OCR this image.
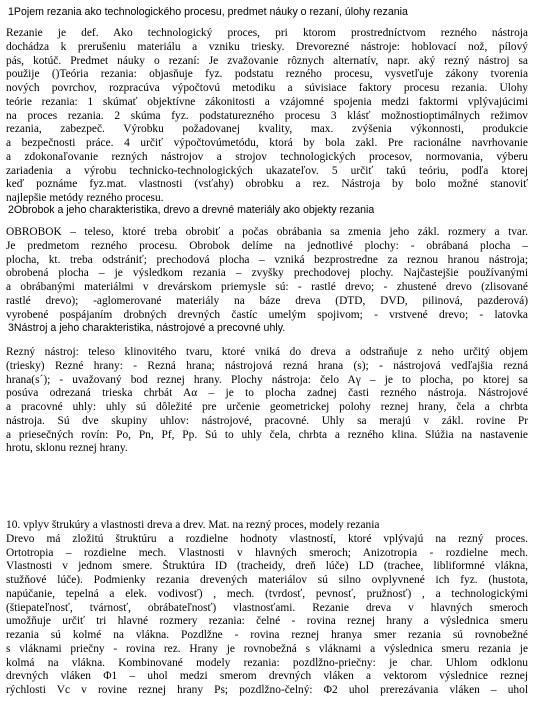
1Pojem rezania ako technologického procesu, predmet náuky o rezaní, úlohy rezania
Rezanie je def. Ako technologický proces, pri ktorom prostredníctvom rezného nástroja
dochádza k prerušeniu materiálu a vzniku triesky. Drevorezné nástroje: hoblovací nož, pílový
pás, kotúč. Predmet náuky o rezaní: Je zvažovanie rôznych alternatív, napr. aký rezný nástroj sa
použije ()Teória rezania: objasňuje fyz. podstatu rezného procesu, vysvetľuje zákony tvorenia
nových povrchov, rozpracúva výpočtovú metodiku a súvisiace faktory procesu rezania. Úlohy
teórie rezania: 1 skúmať objektívne zákonitosti a vzájomné spojenia medzi faktormi vplývajúcimi
na proces rezania. 2 skúma fyz. podstaturezného procesu 3 klásť možnostioptimálnych režimov
rezania, zabezpeč. Výrobku požadovanej kvality, max. zvýšenia výkonnosti, produkcie
a bezpečnosti práce. 4 určiť výpočtovúmetódu, ktorá by bola zakl. Pre racionálne navrhovanie
a zdokonaľovanie rezných nástrojov a strojov technologických procesov, normovania, výberu
zariadenia a výrobu technicko-technologických ukazateľov. 5 určiť takú teóriu, podľa ktorej
keď poznáme fyz.mat. vlastnosti (vsťahy) obrobku a rez. Nástroja by bolo možné stanoviť
najlepšie metódy rezného procesu.
2Obrobok a jeho charakteristika, drevo a drevné materiály ako objekty rezania
OBROBOK – teleso, ktoré treba obrobiť a počas obrábania sa zmenia jeho zákl. rozmery a tvar.
Je predmetom rezného procesu. Obrobok delíme na jednotlivé plochy: - obrábaná plocha –
plocha, kt. treba odstrániť; prechodová plocha – vzniká bezprostredne za reznou hranou nástroja;
obrobená plocha – je výsledkom rezania – zvyšky prechodovej plochy. Najčastejšie používanými
a obrábanými materiálmi v drevárskom priemysle sú: - rastlé drevo; - zhustené drevo (zlisované
rastlé drevo); -aglomerované materiály na báze dreva (DTD, DVD, pilinová, pazderová)
vyrobené pospájaním drobných drevných častíc umelým spojivom; - vrstvené drevo; - latovka
3Nástroj a jeho charakteristika, nástrojové a precovné uhly.
Rezný nástroj: teleso klinovitého tvaru, ktoré vniká do dreva a odstraňuje z neho určitý objem
(triesky) Rezné hrany: - Rezná hrana; nástrojová rezná hrana (s); - nástrojová vedľajšia rezná
hrana(s´); - uvažovaný bod reznej hrany. Plochy nástroja: čelo Aγ – je to plocha, po ktorej sa
posúva odrezaná trieska chrbát Aα – je to plocha zadnej časti rezného nástroja. Nástrojové
a pracovné uhly: uhly sú dôležité pre určenie geometrickej polohy reznej hrany, čela a chrbta
nástroja. Sú dve skupiny uhlov: nástrojové, pracovné. Uhly sa merajú v zákl. rovine Pr
a priesečných rovín: Po, Pn, Pf, Pp. Sú to uhly čela, chrbta a rezného klina. Slúžia na nastavenie
hrotu, sklonu reznej hrany.
10. vplyv štrukúry a vlastnosti dreva a drev. Mat. na rezný proces, modely rezania
Drevo má zložitú štruktúru a rozdielne hodnoty vlastností, ktoré vplývajú na rezný proces.
Ortotropia – rozdielne mech. Vlastnosti v hlavných smeroch; Anizotropia - rozdielne mech.
Vlastnosti v jednom smere. Štruktúra ID (tracheidy, dreň lúče) LD (trachee, libliformné vlákna,
stužňové lúče). Podmienky rezania drevených materiálov sú silno ovplyvnené ich fyz. (hustota,
napúčanie, tepelná a elek. vodivosť) , mech. (tvrdosť, pevnosť, pružnosť) , a technologickými
(štiepateľnosť, tvárnosť, obrábateľnosť) vlastnosťami. Rezanie dreva v hlavných smeroch
umožňuje určiť tri hlavné rozmery rezania: čelné - rovina reznej hrany a výslednica smeru
rezania sú kolmé na vlákna. Pozdĺžne - rovina reznej hranya smer rezania sú rovnobežné
s vláknami priečny - rovina rez. Hrany je rovnobežná s vláknami a výslednica smeru rezania je
kolmá na vlákna. Kombinované modely rezania: pozdĺžno-priečny: je char. Uhlom odklonu
drevných vláken Φ1 – uhol medzi smerom drevných vláken a vektorom výslednice reznej
rýchlosti Vc v rovine reznej hrany Ps; pozdĺžno-čelný: Φ2 uhol prerezávania vláken – uhol
